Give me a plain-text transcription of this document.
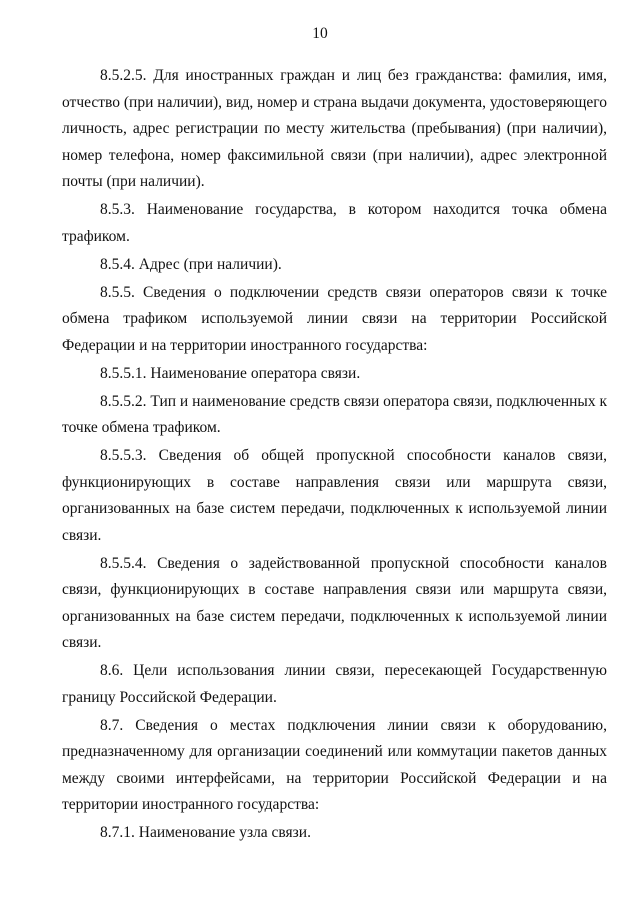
10

8.5.2.5. Для иностранных граждан и лиц без гражданства: фамилия, имя, отчество (при наличии), вид, номер и страна выдачи документа, удостоверяющего личность, адрес регистрации по месту жительства (пребывания) (при наличии), номер телефона, номер факсимильной связи (при наличии), адрес электронной почты (при наличии).

8.5.3. Наименование государства, в котором находится точка обмена трафиком.

8.5.4. Адрес (при наличии).

8.5.5. Сведения о подключении средств связи операторов связи к точке обмена трафиком используемой линии связи на территории Российской Федерации и на территории иностранного государства:

8.5.5.1. Наименование оператора связи.

8.5.5.2. Тип и наименование средств связи оператора связи, подключенных к точке обмена трафиком.

8.5.5.3. Сведения об общей пропускной способности каналов связи, функционирующих в составе направления связи или маршрута связи, организованных на базе систем передачи, подключенных к используемой линии связи.

8.5.5.4. Сведения о задействованной пропускной способности каналов связи, функционирующих в составе направления связи или маршрута связи, организованных на базе систем передачи, подключенных к используемой линии связи.

8.6. Цели использования линии связи, пересекающей Государственную границу Российской Федерации.

8.7. Сведения о местах подключения линии связи к оборудованию, предназначенному для организации соединений или коммутации пакетов данных между своими интерфейсами, на территории Российской Федерации и на территории иностранного государства:

8.7.1. Наименование узла связи.
